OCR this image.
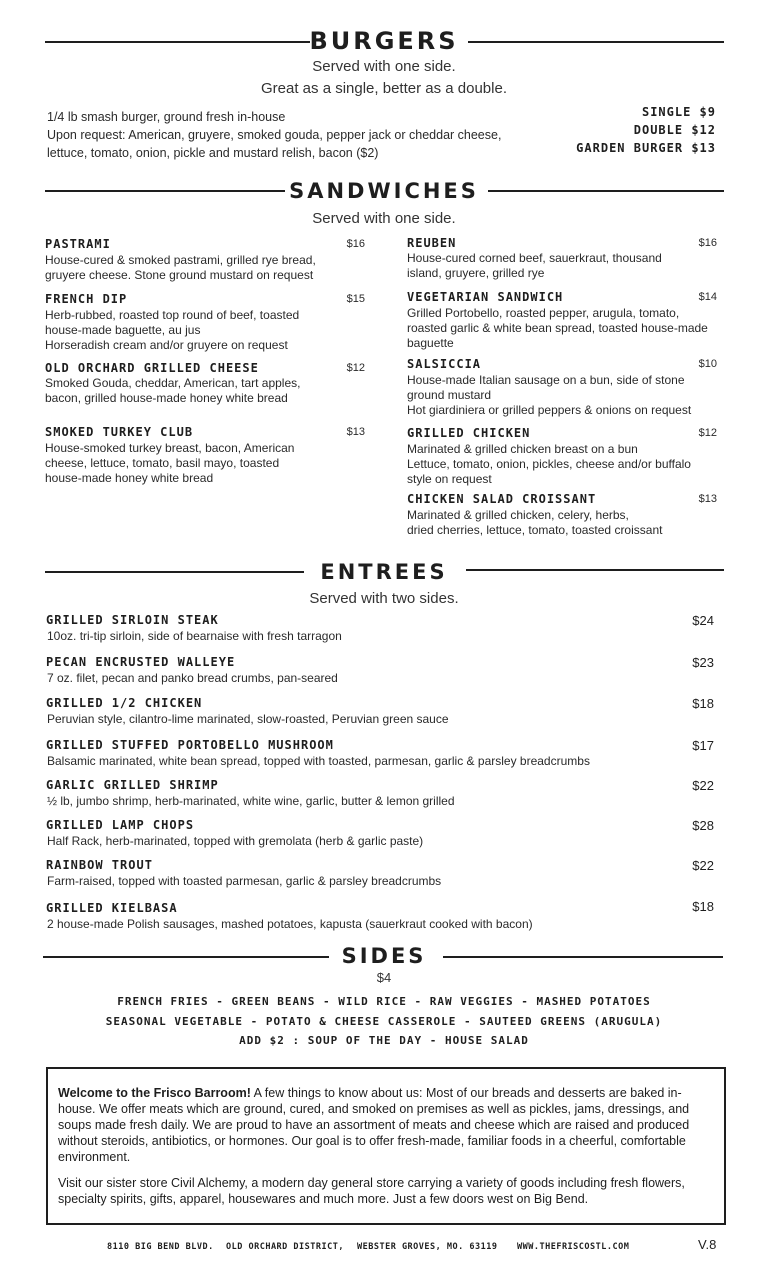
BURGERS
Served with one side.
Great as a single, better as a double.
1/4 lb smash burger, ground fresh in-house
Upon request: American, gruyere, smoked gouda, pepper jack or cheddar cheese,
lettuce, tomato, onion, pickle and mustard relish, bacon ($2)
SINGLE $9
DOUBLE $12
GARDEN BURGER $13
SANDWICHES
Served with one side.
PASTRAMI	$16
House-cured & smoked pastrami, grilled rye bread,
gruyere cheese. Stone ground mustard on request
FRENCH DIP	$15
Herb-rubbed, roasted top round of beef, toasted
house-made baguette, au jus
Horseradish cream and/or gruyere on request
OLD ORCHARD GRILLED CHEESE	$12
Smoked Gouda, cheddar, American, tart apples,
bacon, grilled house-made honey white bread
SMOKED TURKEY CLUB	$13
House-smoked turkey breast, bacon, American
cheese, lettuce, tomato, basil mayo, toasted
house-made honey white bread
REUBEN	$16
House-cured corned beef, sauerkraut, thousand
island, gruyere, grilled rye
VEGETARIAN SANDWICH	$14
Grilled Portobello, roasted pepper, arugula, tomato,
roasted garlic & white bean spread, toasted house-made
baguette
SALSICCIA	$10
House-made Italian sausage on a bun, side of stone
ground mustard
Hot giardiniera or grilled peppers & onions on request
GRILLED CHICKEN	$12
Marinated & grilled chicken breast on a bun
Lettuce, tomato, onion, pickles, cheese and/or buffalo
style on request
CHICKEN SALAD CROISSANT	$13
Marinated & grilled chicken, celery, herbs,
dried cherries, lettuce, tomato, toasted croissant
ENTREES
Served with two sides.
GRILLED SIRLOIN STEAK	$24
10oz. tri-tip sirloin, side of bearnaise with fresh tarragon
PECAN ENCRUSTED WALLEYE	$23
7 oz. filet, pecan and panko bread crumbs, pan-seared
GRILLED 1/2 CHICKEN	$18
Peruvian style, cilantro-lime marinated, slow-roasted, Peruvian green sauce
GRILLED STUFFED PORTOBELLO MUSHROOM	$17
Balsamic marinated, white bean spread, topped with toasted, parmesan, garlic & parsley breadcrumbs
GARLIC GRILLED SHRIMP	$22
½ lb, jumbo shrimp, herb-marinated, white wine, garlic, butter & lemon grilled
GRILLED LAMP CHOPS	$28
Half Rack, herb-marinated, topped with gremolata (herb & garlic paste)
RAINBOW TROUT	$22
Farm-raised, topped with toasted parmesan, garlic & parsley breadcrumbs
GRILLED KIELBASA	$18
2 house-made Polish sausages, mashed potatoes, kapusta (sauerkraut cooked with bacon)
SIDES
$4
FRENCH FRIES - GREEN BEANS - WILD RICE - RAW VEGGIES - MASHED POTATOES
SEASONAL VEGETABLE - POTATO & CHEESE CASSEROLE - SAUTEED GREENS (ARUGULA)
ADD $2 : SOUP OF THE DAY - HOUSE SALAD

Welcome to the Frisco Barroom! A few things to know about us: Most of our breads and desserts are baked in-house. We offer meats which are ground, cured, and smoked on premises as well as pickles, jams, dressings, and soups made fresh daily. We are proud to have an assortment of meats and cheese which are raised and produced without steroids, antibiotics, or hormones. Our goal is to offer fresh-made, familiar foods in a cheerful, comfortable environment.

Visit our sister store Civil Alchemy, a modern day general store carrying a variety of goods including fresh flowers, specialty spirits, gifts, apparel, housewares and much more. Just a few doors west on Big Bend.

8110 BIG BEND BLVD. OLD ORCHARD DISTRICT, WEBSTER GROVES, MO. 63119 WWW.THEFRISCOSTL.COM	V.8
